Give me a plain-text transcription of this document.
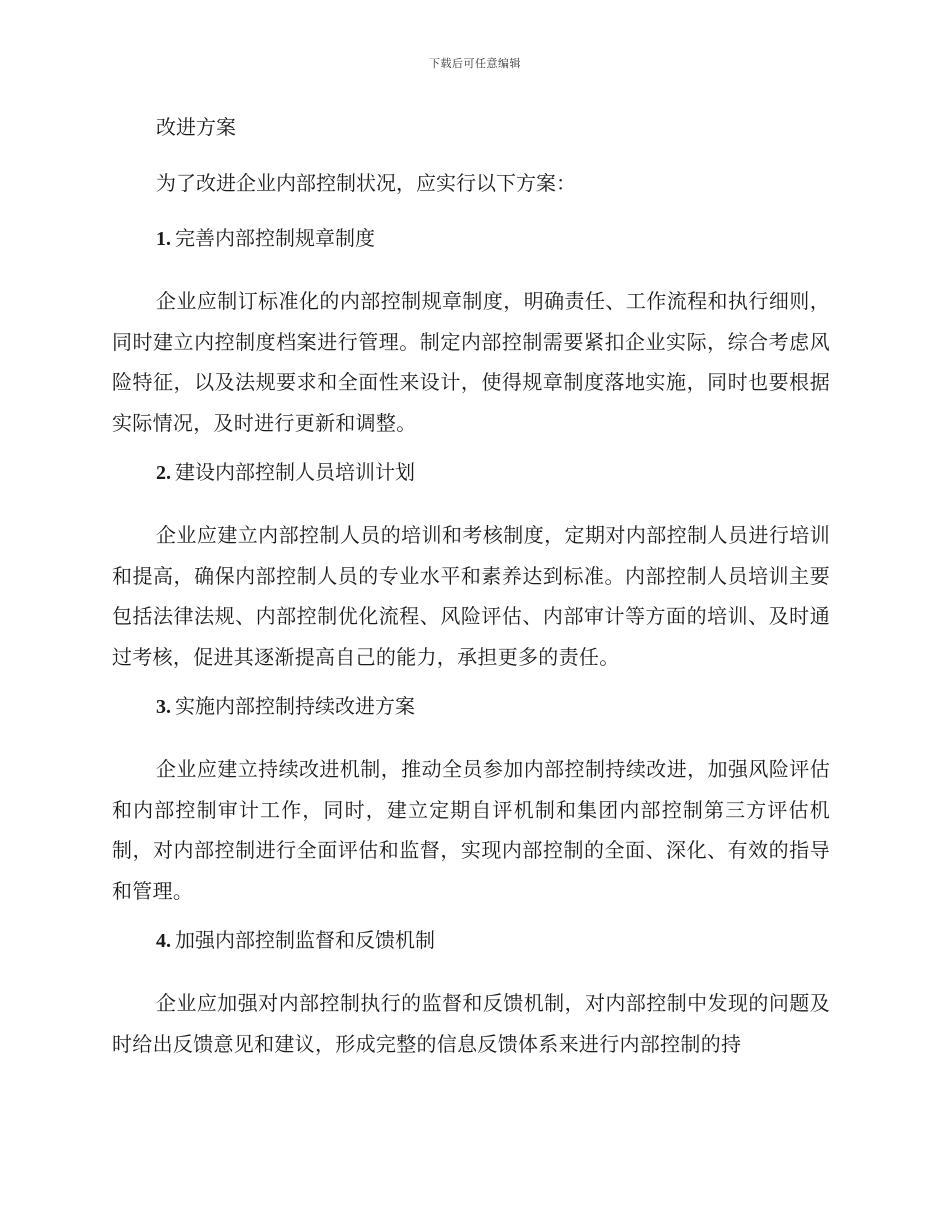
下载后可任意编辑

改进方案

为了改进企业内部控制状况，应实行以下方案：

1. 完善内部控制规章制度

企业应制订标准化的内部控制规章制度，明确责任、工作流程和执行细则，同时建立内控制度档案进行管理。制定内部控制需要紧扣企业实际，综合考虑风险特征，以及法规要求和全面性来设计，使得规章制度落地实施，同时也要根据实际情况，及时进行更新和调整。

2. 建设内部控制人员培训计划

企业应建立内部控制人员的培训和考核制度，定期对内部控制人员进行培训和提高，确保内部控制人员的专业水平和素养达到标准。内部控制人员培训主要包括法律法规、内部控制优化流程、风险评估、内部审计等方面的培训、及时通过考核，促进其逐渐提高自己的能力，承担更多的责任。

3. 实施内部控制持续改进方案

企业应建立持续改进机制，推动全员参加内部控制持续改进，加强风险评估和内部控制审计工作，同时，建立定期自评机制和集团内部控制第三方评估机制，对内部控制进行全面评估和监督，实现内部控制的全面、深化、有效的指导和管理。

4. 加强内部控制监督和反馈机制

企业应加强对内部控制执行的监督和反馈机制，对内部控制中发现的问题及时给出反馈意见和建议，形成完整的信息反馈体系来进行内部控制的持
